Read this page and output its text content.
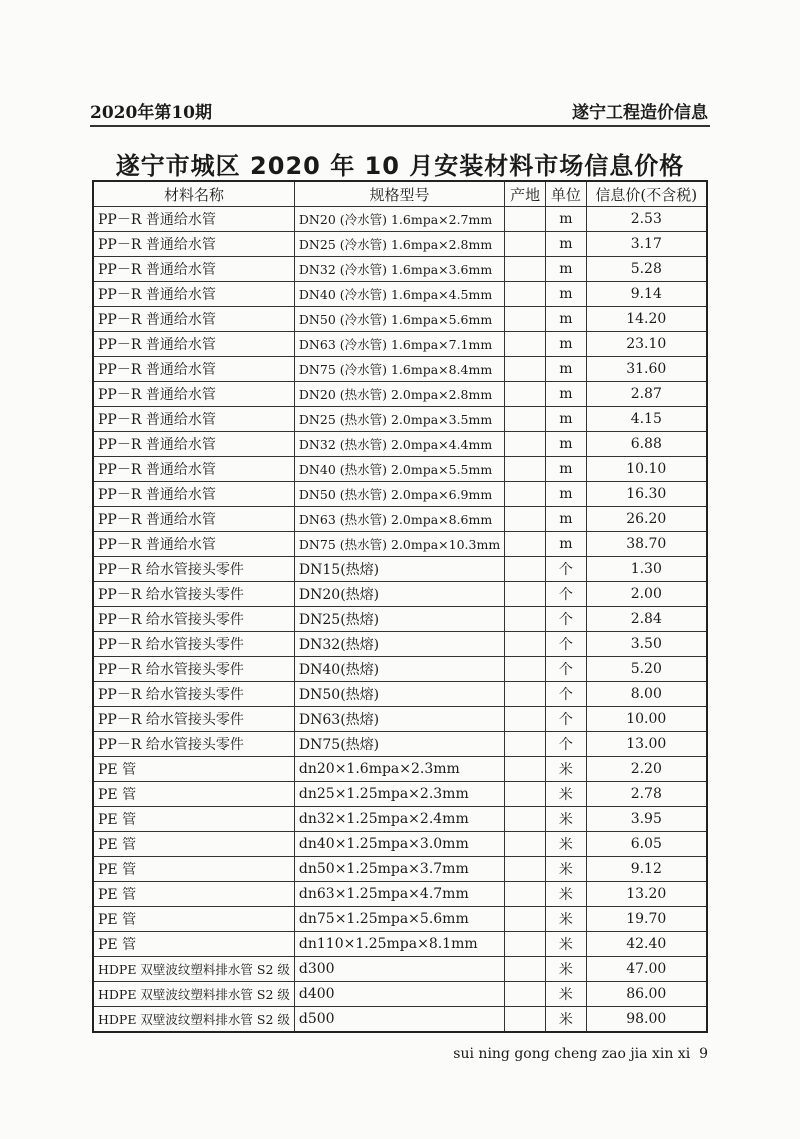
2020年第10期	遂宁工程造价信息
遂宁市城区 2020 年 10 月安装材料市场信息价格
材料名称	规格型号	产地	单位	信息价(不含税)
PP－R 普通给水管	DN20 (冷水管) 1.6mpa×2.7mm		m	2.53
PP－R 普通给水管	DN25 (冷水管) 1.6mpa×2.8mm		m	3.17
PP－R 普通给水管	DN32 (冷水管) 1.6mpa×3.6mm		m	5.28
PP－R 普通给水管	DN40 (冷水管) 1.6mpa×4.5mm		m	9.14
PP－R 普通给水管	DN50 (冷水管) 1.6mpa×5.6mm		m	14.20
PP－R 普通给水管	DN63 (冷水管) 1.6mpa×7.1mm		m	23.10
PP－R 普通给水管	DN75 (冷水管) 1.6mpa×8.4mm		m	31.60
PP－R 普通给水管	DN20 (热水管) 2.0mpa×2.8mm		m	2.87
PP－R 普通给水管	DN25 (热水管) 2.0mpa×3.5mm		m	4.15
PP－R 普通给水管	DN32 (热水管) 2.0mpa×4.4mm		m	6.88
PP－R 普通给水管	DN40 (热水管) 2.0mpa×5.5mm		m	10.10
PP－R 普通给水管	DN50 (热水管) 2.0mpa×6.9mm		m	16.30
PP－R 普通给水管	DN63 (热水管) 2.0mpa×8.6mm		m	26.20
PP－R 普通给水管	DN75 (热水管) 2.0mpa×10.3mm		m	38.70
PP－R 给水管接头零件	DN15(热熔)		个	1.30
PP－R 给水管接头零件	DN20(热熔)		个	2.00
PP－R 给水管接头零件	DN25(热熔)		个	2.84
PP－R 给水管接头零件	DN32(热熔)		个	3.50
PP－R 给水管接头零件	DN40(热熔)		个	5.20
PP－R 给水管接头零件	DN50(热熔)		个	8.00
PP－R 给水管接头零件	DN63(热熔)		个	10.00
PP－R 给水管接头零件	DN75(热熔)		个	13.00
PE 管	dn20×1.6mpa×2.3mm		米	2.20
PE 管	dn25×1.25mpa×2.3mm		米	2.78
PE 管	dn32×1.25mpa×2.4mm		米	3.95
PE 管	dn40×1.25mpa×3.0mm		米	6.05
PE 管	dn50×1.25mpa×3.7mm		米	9.12
PE 管	dn63×1.25mpa×4.7mm		米	13.20
PE 管	dn75×1.25mpa×5.6mm		米	19.70
PE 管	dn110×1.25mpa×8.1mm		米	42.40
HDPE 双壁波纹塑料排水管 S2 级	d300		米	47.00
HDPE 双壁波纹塑料排水管 S2 级	d400		米	86.00
HDPE 双壁波纹塑料排水管 S2 级	d500		米	98.00
sui ning gong cheng zao jia xin xi 9
